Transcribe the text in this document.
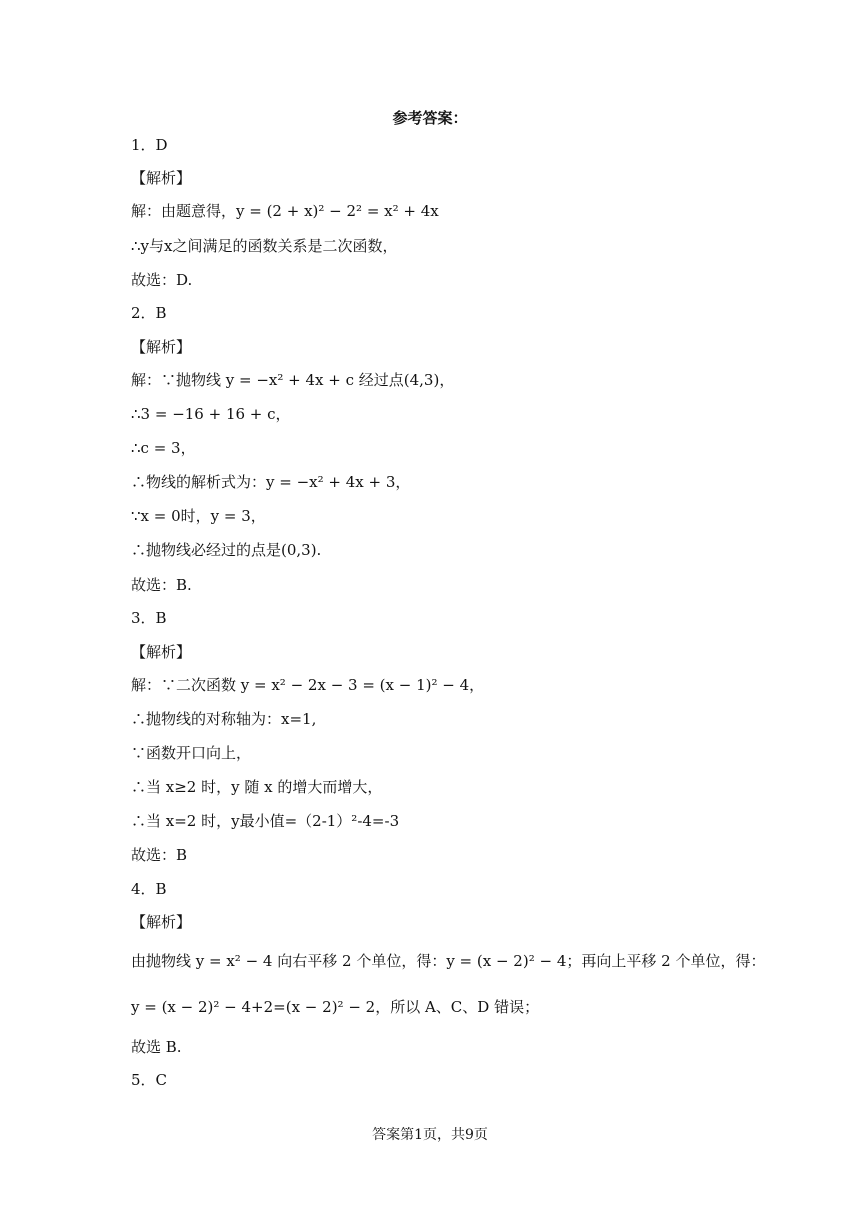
参考答案：
1．D
【解析】
解：由题意得，y = (2 + x)² − 2² = x² + 4x
∴y与x之间满足的函数关系是二次函数，
故选：D.
2．B
【解析】
解：∵抛物线 y = −x² + 4x + c 经过点(4,3)，
∴3 = −16 + 16 + c，
∴c = 3，
∴物线的解析式为：y = −x² + 4x + 3，
∵x = 0时，y = 3，
∴抛物线必经过的点是(0,3).
故选：B.
3．B
【解析】
解：∵二次函数 y = x² − 2x − 3 = (x − 1)² − 4，
∴抛物线的对称轴为：x=1,
∵函数开口向上，
∴当 x≥2 时，y 随 x 的增大而增大，
∴当 x=2 时，y最小值=（2-1）²-4=-3
故选：B
4．B
【解析】
由抛物线 y = x² − 4 向右平移 2 个单位，得：y = (x − 2)² − 4；再向上平移 2 个单位，得：
y = (x − 2)² − 4+2=(x − 2)² − 2，所以 A、C、D 错误；
故选 B.
5．C
答案第1页，共9页
